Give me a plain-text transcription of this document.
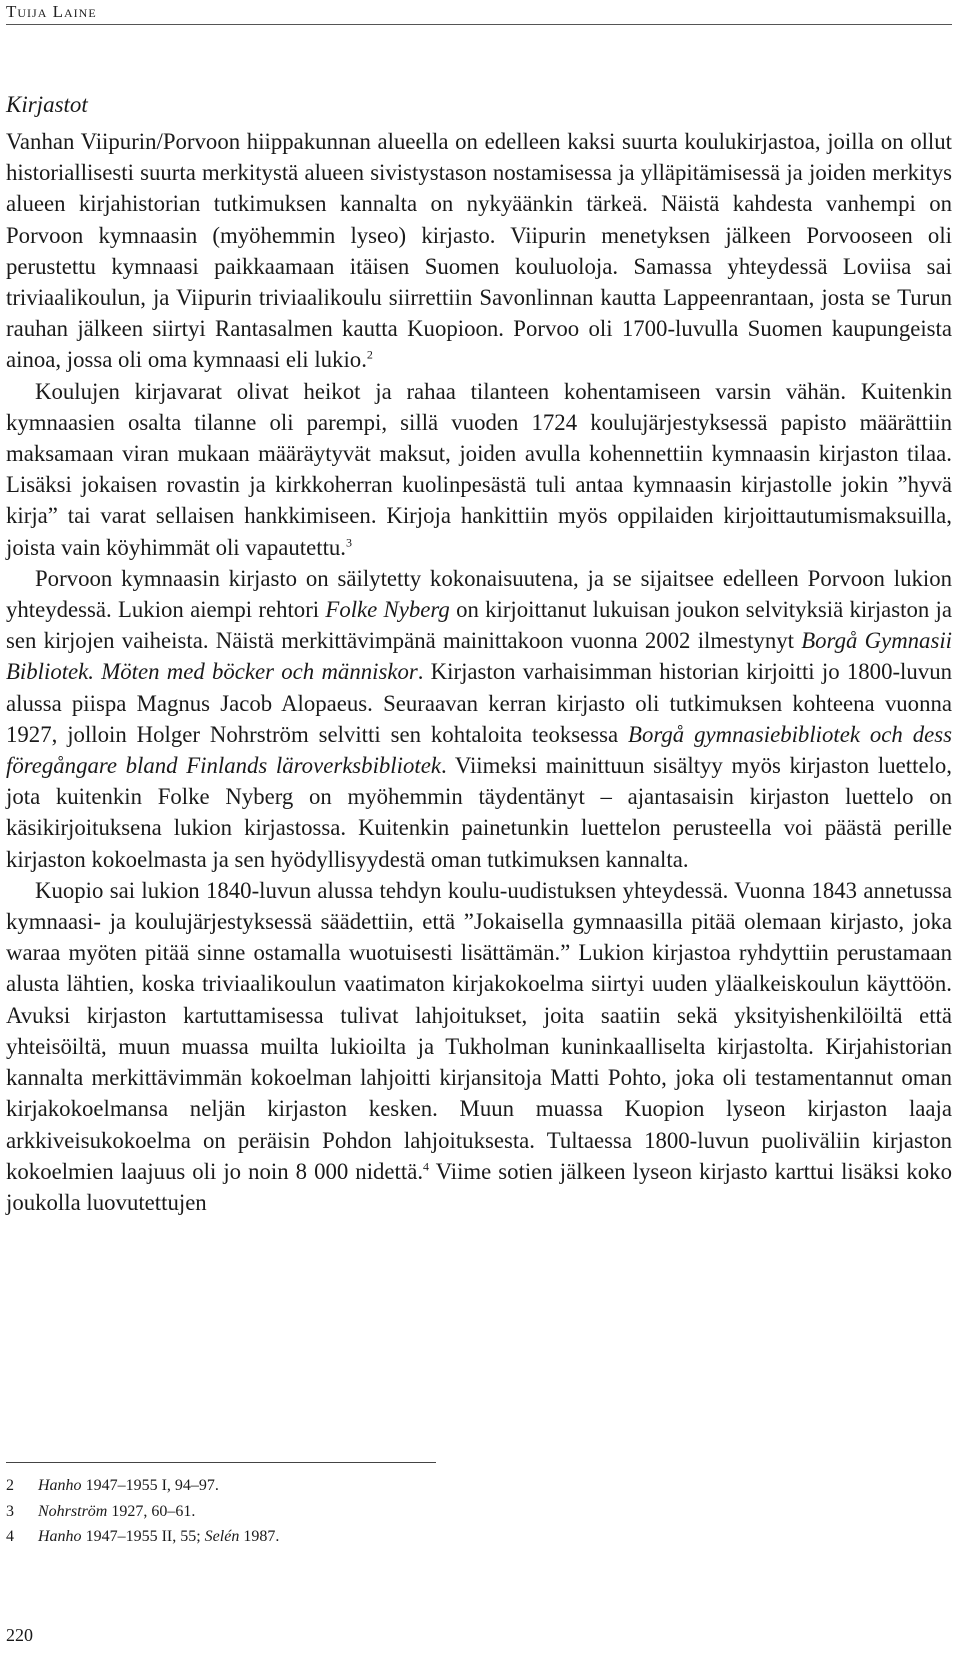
Tuija Laine
Kirjastot

Vanhan Viipurin/Porvoon hiippakunnan alueella on edelleen kaksi suurta koulukirjastoa, joilla on ollut historiallisesti suurta merkitystä alueen sivistystason nostamisessa ja ylläpitämisessä ja joiden merkitys alueen kirjahistorian tutkimuksen kannalta on nykyäänkin tärkeä. Näistä kahdesta vanhempi on Porvoon kymnaasin (myöhemmin lyseo) kirjasto. Viipurin menetyksen jälkeen Porvooseen oli perustettu kymnaasi paikkaamaan itäisen Suomen kouluoloja. Samassa yhteydessä Loviisa sai triviaalikoulun, ja Viipurin triviaalikoulu siirrettiin Savonlinnan kautta Lappeenrantaan, josta se Turun rauhan jälkeen siirtyi Rantasalmen kautta Kuopioon. Porvoo oli 1700-luvulla Suomen kaupungeista ainoa, jossa oli oma kymnaasi eli lukio.$^2$

Koulujen kirjavarat olivat heikot ja rahaa tilanteen kohentamiseen varsin vähän. Kuitenkin kymnaasien osalta tilanne oli parempi, sillä vuoden 1724 koulujärjestyksessä papisto määrättiin maksamaan viran mukaan määräytyvät maksut, joiden avulla kohennettiin kymnaasin kirjaston tilaa. Lisäksi jokaisen rovastin ja kirkkoherran kuolinpesästä tuli antaa kymnaasin kirjastolle jokin ”hyvä kirja” tai varat sellaisen hankkimiseen. Kirjoja hankittiin myös oppilaiden kirjoittautumismaksuilla, joista vain köyhimmät oli vapautettu.$^3$

Porvoon kymnaasin kirjasto on säilytetty kokonaisuutena, ja se sijaitsee edelleen Porvoon lukion yhteydessä. Lukion aiempi rehtori Folke Nyberg on kirjoittanut lukuisan joukon selvityksiä kirjaston ja sen kirjojen vaiheista. Näistä merkittävimpänä mainittakoon vuonna 2002 ilmestynyt Borgå Gymnasii Bibliotek. Möten med böcker och människor. Kirjaston varhaisimman historian kirjoitti jo 1800-luvun alussa piispa Magnus Jacob Alopaeus. Seuraavan kerran kirjasto oli tutkimuksen kohteena vuonna 1927, jolloin Holger Nohrström selvitti sen kohtaloita teoksessa Borgå gymnasiebibliotek och dess föregångare bland Finlands läroverksbibliotek. Viimeksi mainittuun sisältyy myös kirjaston luettelo, jota kuitenkin Folke Nyberg on myöhemmin täydentänyt – ajantasaisin kirjaston luettelo on käsikirjoituksena lukion kirjastossa. Kuitenkin painetunkin luettelon perusteella voi päästä perille kirjaston kokoelmasta ja sen hyödyllisyydestä oman tutkimuksen kannalta.

Kuopio sai lukion 1840-luvun alussa tehdyn koulu-uudistuksen yhteydessä. Vuonna 1843 annetussa kymnaasi- ja koulujärjestyksessä säädettiin, että ”Jokaisella gymnaasilla pitää olemaan kirjasto, joka waraa myöten pitää sinne ostamalla wuotuisesti lisättämän.” Lukion kirjastoa ryhdyttiin perustamaan alusta lähtien, koska triviaalikoulun vaatimaton kirjakokoelma siirtyi uuden yläalkeiskoulun käyttöön. Avuksi kirjaston kartuttamisessa tulivat lahjoitukset, joita saatiin sekä yksityishenkilöiltä että yhteisöiltä, muun muassa muilta lukioilta ja Tukholman kuninkaalliselta kirjastolta. Kirjahistorian kannalta merkittävimmän kokoelman lahjoitti kirjansitoja Matti Pohto, joka oli testamentannut oman kirjakokoelmansa neljän kirjaston kesken. Muun muassa Kuopion lyseon kirjaston laaja arkkiveisukokoelma on peräisin Pohdon lahjoituksesta. Tultaessa 1800-luvun puoliväliin kirjaston kokoelmien laajuus oli jo noin 8 000 nidettä.$^4$ Viime sotien jälkeen lyseon kirjasto karttui lisäksi koko joukolla luovutettujen

2	Hanho 1947–1955 I, 94–97.
3	Nohrström 1927, 60–61.
4	Hanho 1947–1955 II, 55; Selén 1987.
220
